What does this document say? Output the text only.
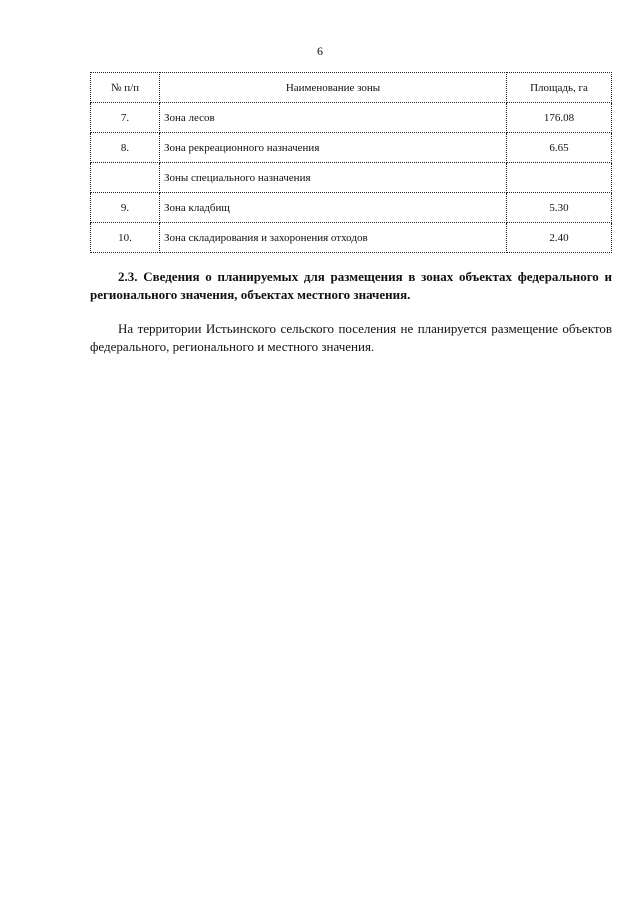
6
№ п/п	Наименование зоны	Площадь, га
7.	Зона лесов	176.08
8.	Зона рекреационного назначения	6.65
	Зоны специального назначения	
9.	Зона кладбищ	5.30
10.	Зона складирования и захоронения отходов	2.40
2.3. Сведения о планируемых для размещения в зонах объектах федерального и регионального значения, объектах местного значения.
На территории Истьинского сельского поселения не планируется размещение объектов федерального, регионального и местного значения.
